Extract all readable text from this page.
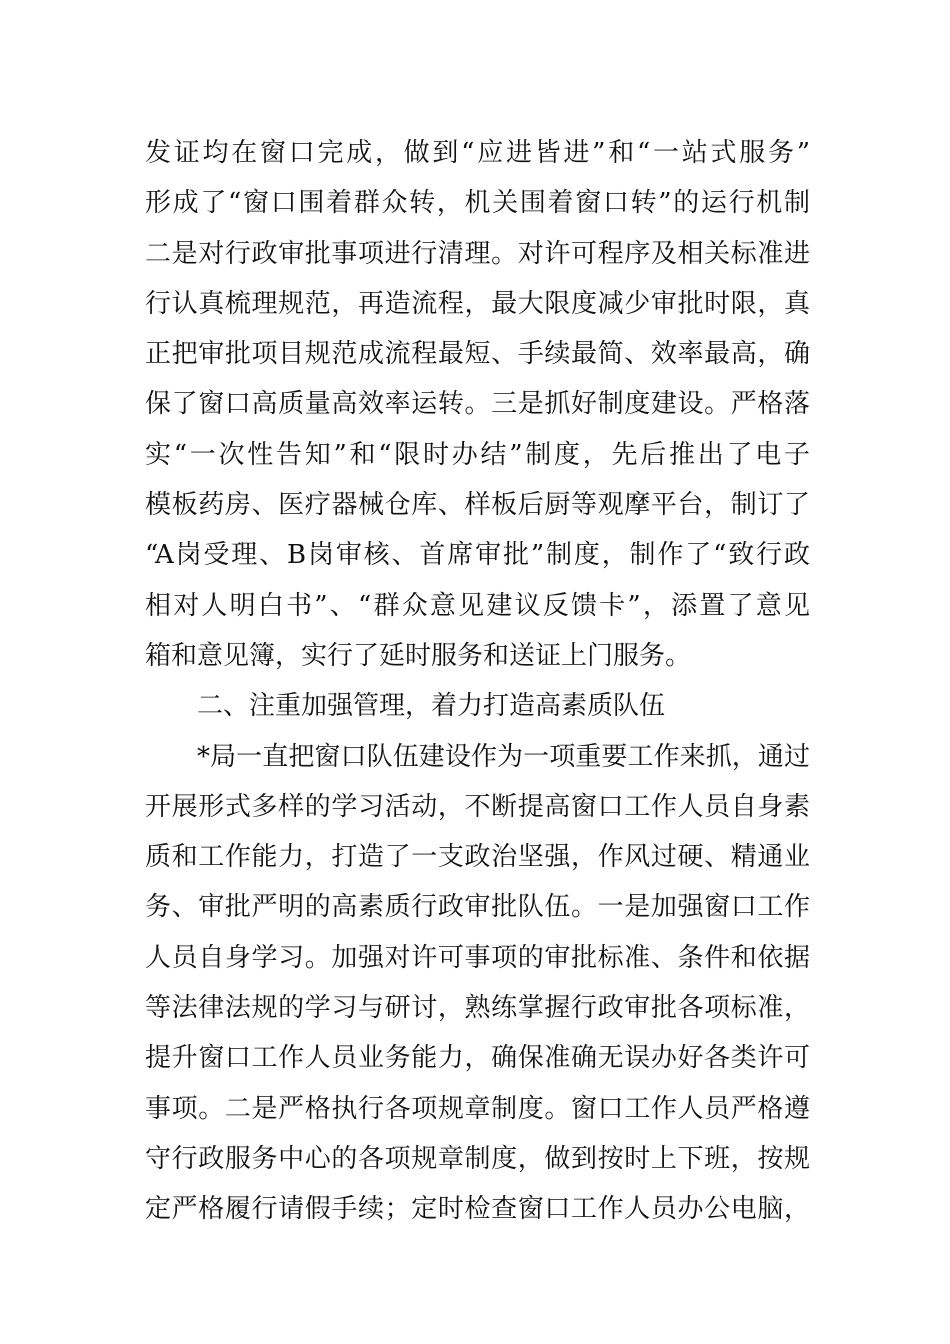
发证均在窗口完成，做到“应进皆进”和“一站式服务”
形成了“窗口围着群众转，机关围着窗口转”的运行机制
二是对行政审批事项进行清理。对许可程序及相关标准进
行认真梳理规范，再造流程，最大限度减少审批时限，真
正把审批项目规范成流程最短、手续最简、效率最高，确
保了窗口高质量高效率运转。三是抓好制度建设。严格落
实“一次性告知”和“限时办结”制度，先后推出了电子
模板药房、医疗器械仓库、样板后厨等观摩平台，制订了
“A岗受理、B岗审核、首席审批”制度，制作了“致行政
相对人明白书”、“群众意见建议反馈卡”，添置了意见
箱和意见簿，实行了延时服务和送证上门服务。
二、注重加强管理，着力打造高素质队伍
*局一直把窗口队伍建设作为一项重要工作来抓，通过
开展形式多样的学习活动，不断提高窗口工作人员自身素
质和工作能力，打造了一支政治坚强，作风过硬、精通业
务、审批严明的高素质行政审批队伍。一是加强窗口工作
人员自身学习。加强对许可事项的审批标准、条件和依据
等法律法规的学习与研讨，熟练掌握行政审批各项标准，
提升窗口工作人员业务能力，确保准确无误办好各类许可
事项。二是严格执行各项规章制度。窗口工作人员严格遵
守行政服务中心的各项规章制度，做到按时上下班，按规
定严格履行请假手续；定时检查窗口工作人员办公电脑，
